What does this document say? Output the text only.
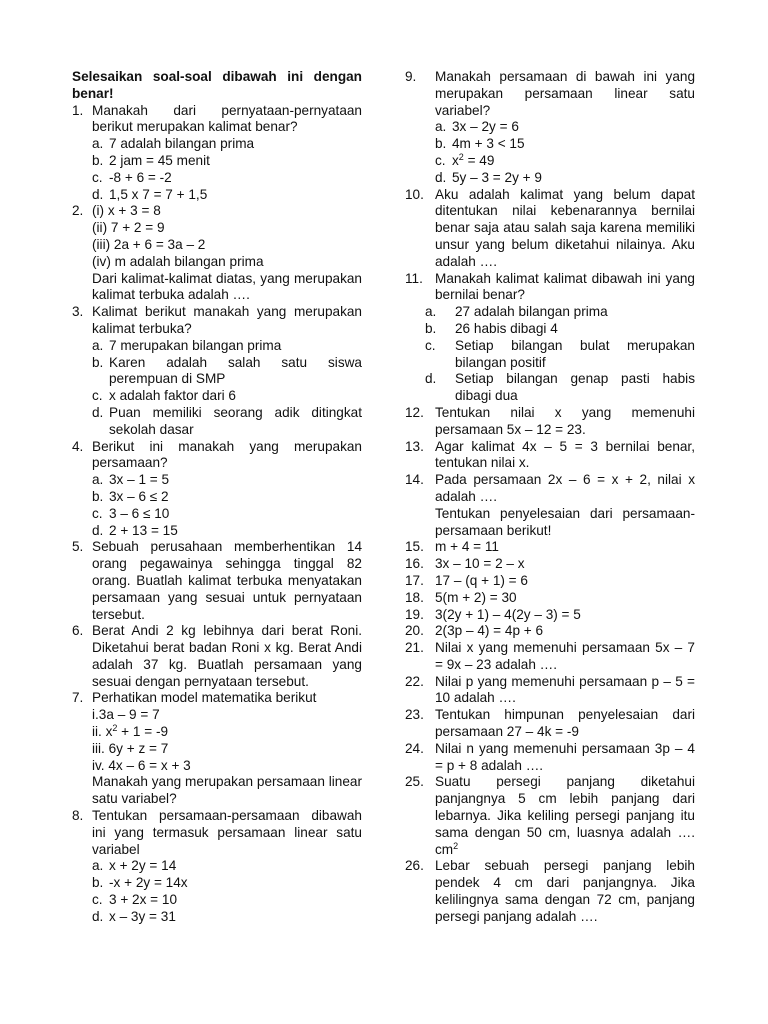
Selesaikan soal-soal dibawah ini dengan benar!
1. Manakah dari pernyataan-pernyataan berikut merupakan kalimat benar?
a. 7 adalah bilangan prima
b. 2 jam = 45 menit
c. -8 + 6 = -2
d. 1,5 x 7 = 7 + 1,5
2. (i) x + 3 = 8
(ii) 7 + 2 = 9
(iii) 2a + 6 = 3a – 2
(iv) m adalah bilangan prima
Dari kalimat-kalimat diatas, yang merupakan kalimat terbuka adalah ….
3. Kalimat berikut manakah yang merupakan kalimat terbuka?
a. 7 merupakan bilangan prima
b. Karen adalah salah satu siswa perempuan di SMP
c. x adalah faktor dari 6
d. Puan memiliki seorang adik ditingkat sekolah dasar
4. Berikut ini manakah yang merupakan persamaan?
a. 3x – 1 = 5
b. 3x – 6 ≤ 2
c. 3 – 6 ≤ 10
d. 2 + 13 = 15
5. Sebuah perusahaan memberhentikan 14 orang pegawainya sehingga tinggal 82 orang. Buatlah kalimat terbuka menyatakan persamaan yang sesuai untuk pernyataan tersebut.
6. Berat Andi 2 kg lebihnya dari berat Roni. Diketahui berat badan Roni x kg. Berat Andi adalah 37 kg. Buatlah persamaan yang sesuai dengan pernyataan tersebut.
7. Perhatikan model matematika berikut
i.3a – 9 = 7
ii. $x^2 + 1 = -9$
iii. 6y + z = 7
iv. 4x – 6 = x + 3
Manakah yang merupakan persamaan linear satu variabel?
8. Tentukan persamaan-persamaan dibawah ini yang termasuk persamaan linear satu variabel
a. x + 2y = 14
b. -x + 2y = 14x
c. 3 + 2x = 10
d. x – 3y = 31
9. Manakah persamaan di bawah ini yang merupakan persamaan linear satu variabel?
a. 3x – 2y = 6
b. 4m + 3 < 15
c. $x^2 = 49$
d. 5y – 3 = 2y + 9
10. Aku adalah kalimat yang belum dapat ditentukan nilai kebenarannya bernilai benar saja atau salah saja karena memiliki unsur yang belum diketahui nilainya. Aku adalah ….
11. Manakah kalimat kalimat dibawah ini yang bernilai benar?
a. 27 adalah bilangan prima
b. 26 habis dibagi 4
c. Setiap bilangan bulat merupakan bilangan positif
d. Setiap bilangan genap pasti habis dibagi dua
12. Tentukan nilai x yang memenuhi persamaan 5x – 12 = 23.
13. Agar kalimat 4x – 5 = 3 bernilai benar, tentukan nilai x.
14. Pada persamaan 2x – 6 = x + 2, nilai x adalah ….
Tentukan penyelesaian dari persamaan-persamaan berikut!
15. m + 4 = 11
16. 3x – 10 = 2 – x
17. 17 – (q + 1) = 6
18. 5(m + 2) = 30
19. 3(2y + 1) – 4(2y – 3) = 5
20. 2(3p – 4) = 4p + 6
21. Nilai x yang memenuhi persamaan 5x – 7 = 9x – 23 adalah ….
22. Nilai p yang memenuhi persamaan p – 5 = 10 adalah ….
23. Tentukan himpunan penyelesaian dari persamaan 27 – 4k = -9
24. Nilai n yang memenuhi persamaan 3p – 4 = p + 8 adalah ….
25. Suatu persegi panjang diketahui panjangnya 5 cm lebih panjang dari lebarnya. Jika keliling persegi panjang itu sama dengan 50 cm, luasnya adalah …. $cm^2$
26. Lebar sebuah persegi panjang lebih pendek 4 cm dari panjangnya. Jika kelilingnya sama dengan 72 cm, panjang persegi panjang adalah ….
